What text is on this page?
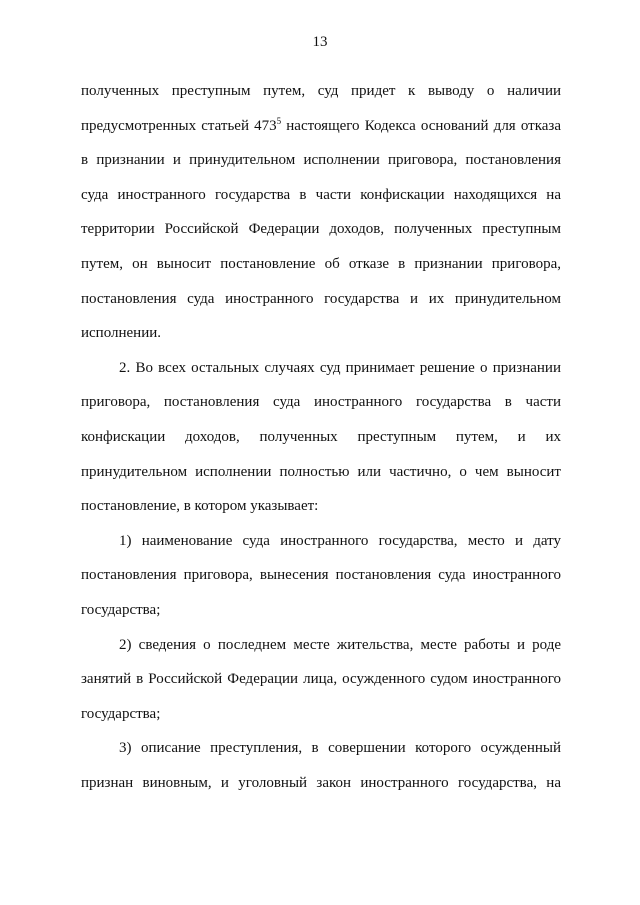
13
полученных преступным путем, суд придет к выводу о наличии
предусмотренных статьей $473^5$ настоящего Кодекса оснований для отказа
в признании и принудительном исполнении приговора, постановления
суда иностранного государства в части конфискации находящихся на
территории Российской Федерации доходов, полученных преступным
путем, он выносит постановление об отказе в признании приговора,
постановления суда иностранного государства и их принудительном
исполнении.
2. Во всех остальных случаях суд принимает решение о признании
приговора, постановления суда иностранного государства в части
конфискации доходов, полученных преступным путем, и их
принудительном исполнении полностью или частично, о чем выносит
постановление, в котором указывает:
1) наименование суда иностранного государства, место и дату
постановления приговора, вынесения постановления суда иностранного
государства;
2) сведения о последнем месте жительства, месте работы и роде
занятий в Российской Федерации лица, осужденного судом иностранного
государства;
3) описание преступления, в совершении которого осужденный
признан виновным, и уголовный закон иностранного государства, на
